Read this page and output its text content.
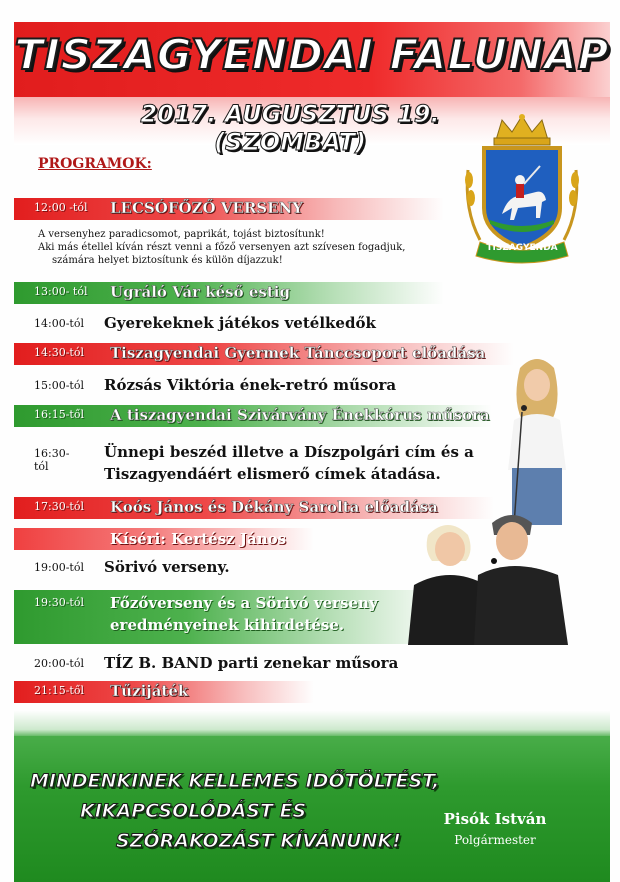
TISZAGYENDAI FALUNAP
2017. AUGUSZTUS 19. (SZOMBAT)
TISZAGYENDA
PROGRAMOK:
12:00 -tól LECSÓFŐZŐ VERSENY
A versenyhez paradicsomot, paprikát, tojást biztosítunk!
Aki más étellel kíván részt venni a főző versenyen azt szívesen fogadjuk,
számára helyet biztosítunk és külön díjazzuk!
13:00- tól Ugráló Vár késő estig
14:00-tól Gyerekeknek játékos vetélkedők
14:30-tól Tiszagyendai Gyermek Tánccsoport előadása
15:00-tól Rózsás Viktória ének-retró műsora
16:15-től A tiszagyendai Szivárvány Énekkórus műsora
16:30-tól
Ünnepi beszéd illetve a Díszpolgári cím és a
Tiszagyendáért elismerő címek átadása.
17:30-tól Koós János és Dékány Sarolta előadása
Kíséri: Kertész János
19:00-tól Sörivó verseny.
19:30-tól Főzőverseny és a Sörivó verseny
eredményeinek kihirdetése.
20:00-tól TÍZ B. BAND parti zenekar műsora
21:15-től Tűzijáték
MINDENKINEK KELLEMES IDŐTÖLTÉST,
KIKAPCSOLÓDÁST ÉS
SZÓRAKOZÁST KÍVÁNUNK!
Pisók István
Polgármester
